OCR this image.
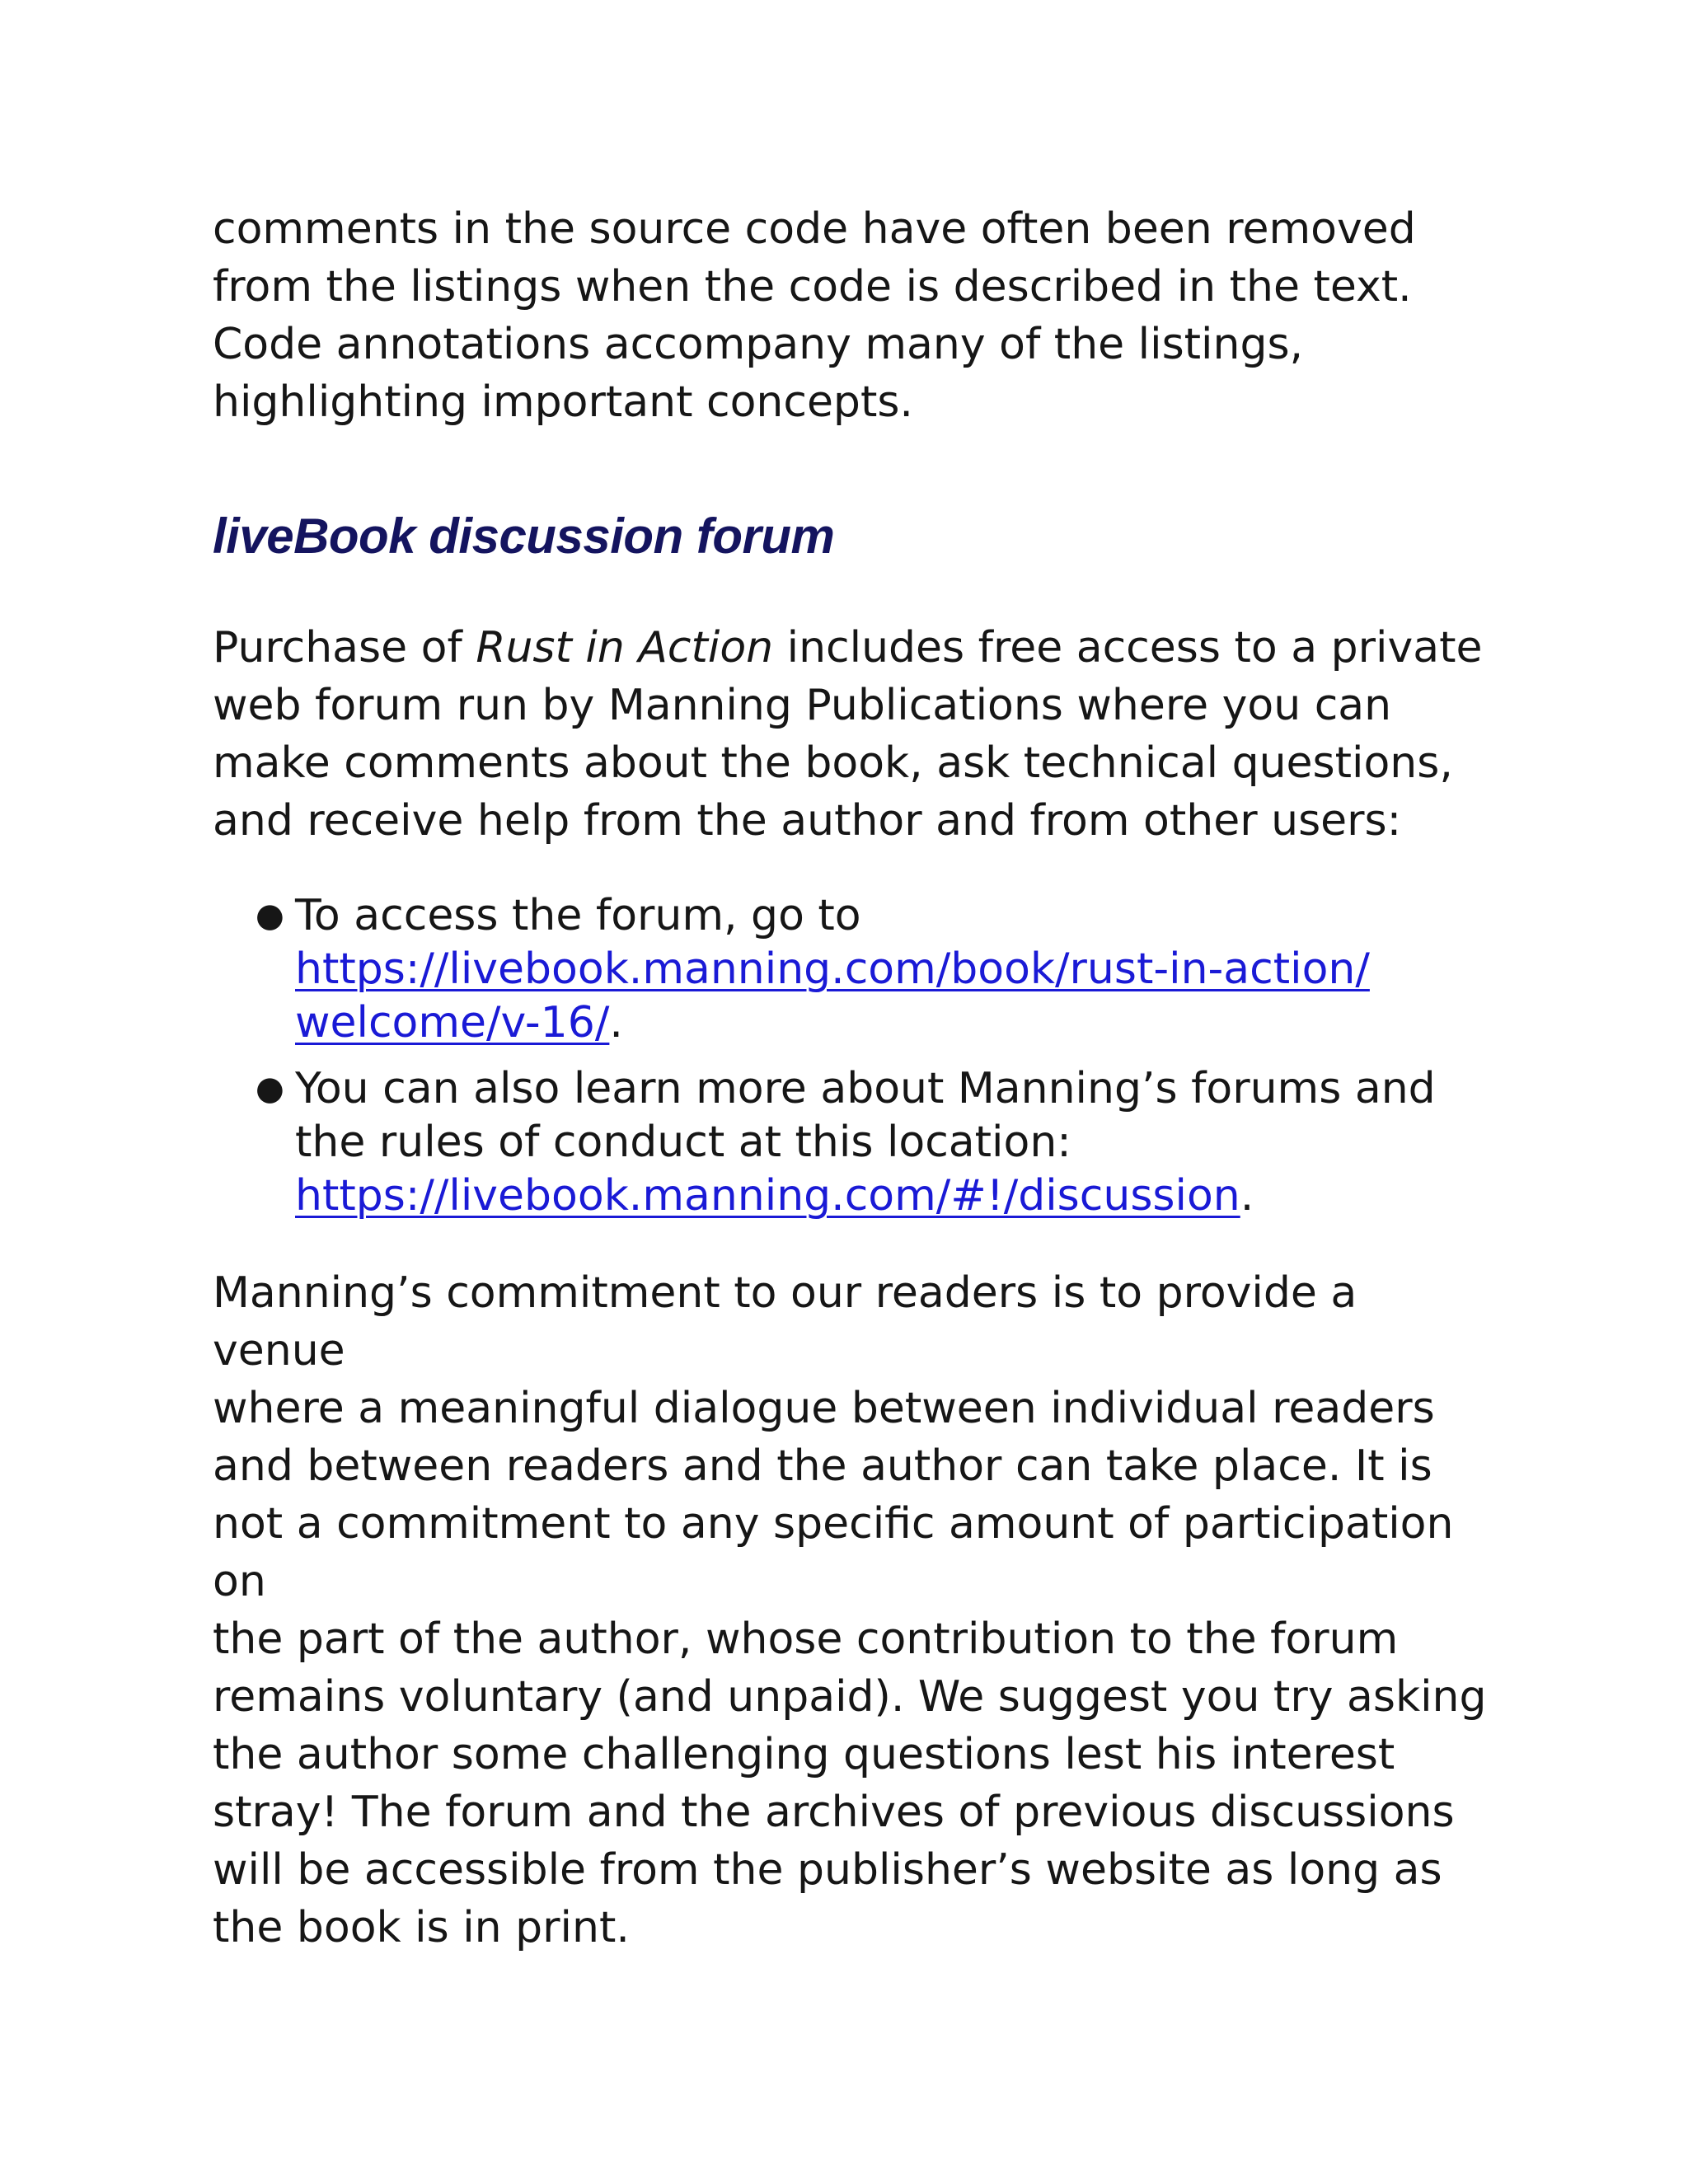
comments in the source code have often been removed
from the listings when the code is described in the text.
Code annotations accompany many of the listings,
highlighting important concepts.

liveBook discussion forum

Purchase of Rust in Action includes free access to a private
web forum run by Manning Publications where you can
make comments about the book, ask technical questions,
and receive help from the author and from other users:

● To access the forum, go to
https://livebook.manning.com/book/rust-in-action/
welcome/v-16/.
● You can also learn more about Manning’s forums and
the rules of conduct at this location:
https://livebook.manning.com/#!/discussion.

Manning’s commitment to our readers is to provide a venue
where a meaningful dialogue between individual readers
and between readers and the author can take place. It is
not a commitment to any specific amount of participation on
the part of the author, whose contribution to the forum
remains voluntary (and unpaid). We suggest you try asking
the author some challenging questions lest his interest
stray! The forum and the archives of previous discussions
will be accessible from the publisher’s website as long as
the book is in print.
